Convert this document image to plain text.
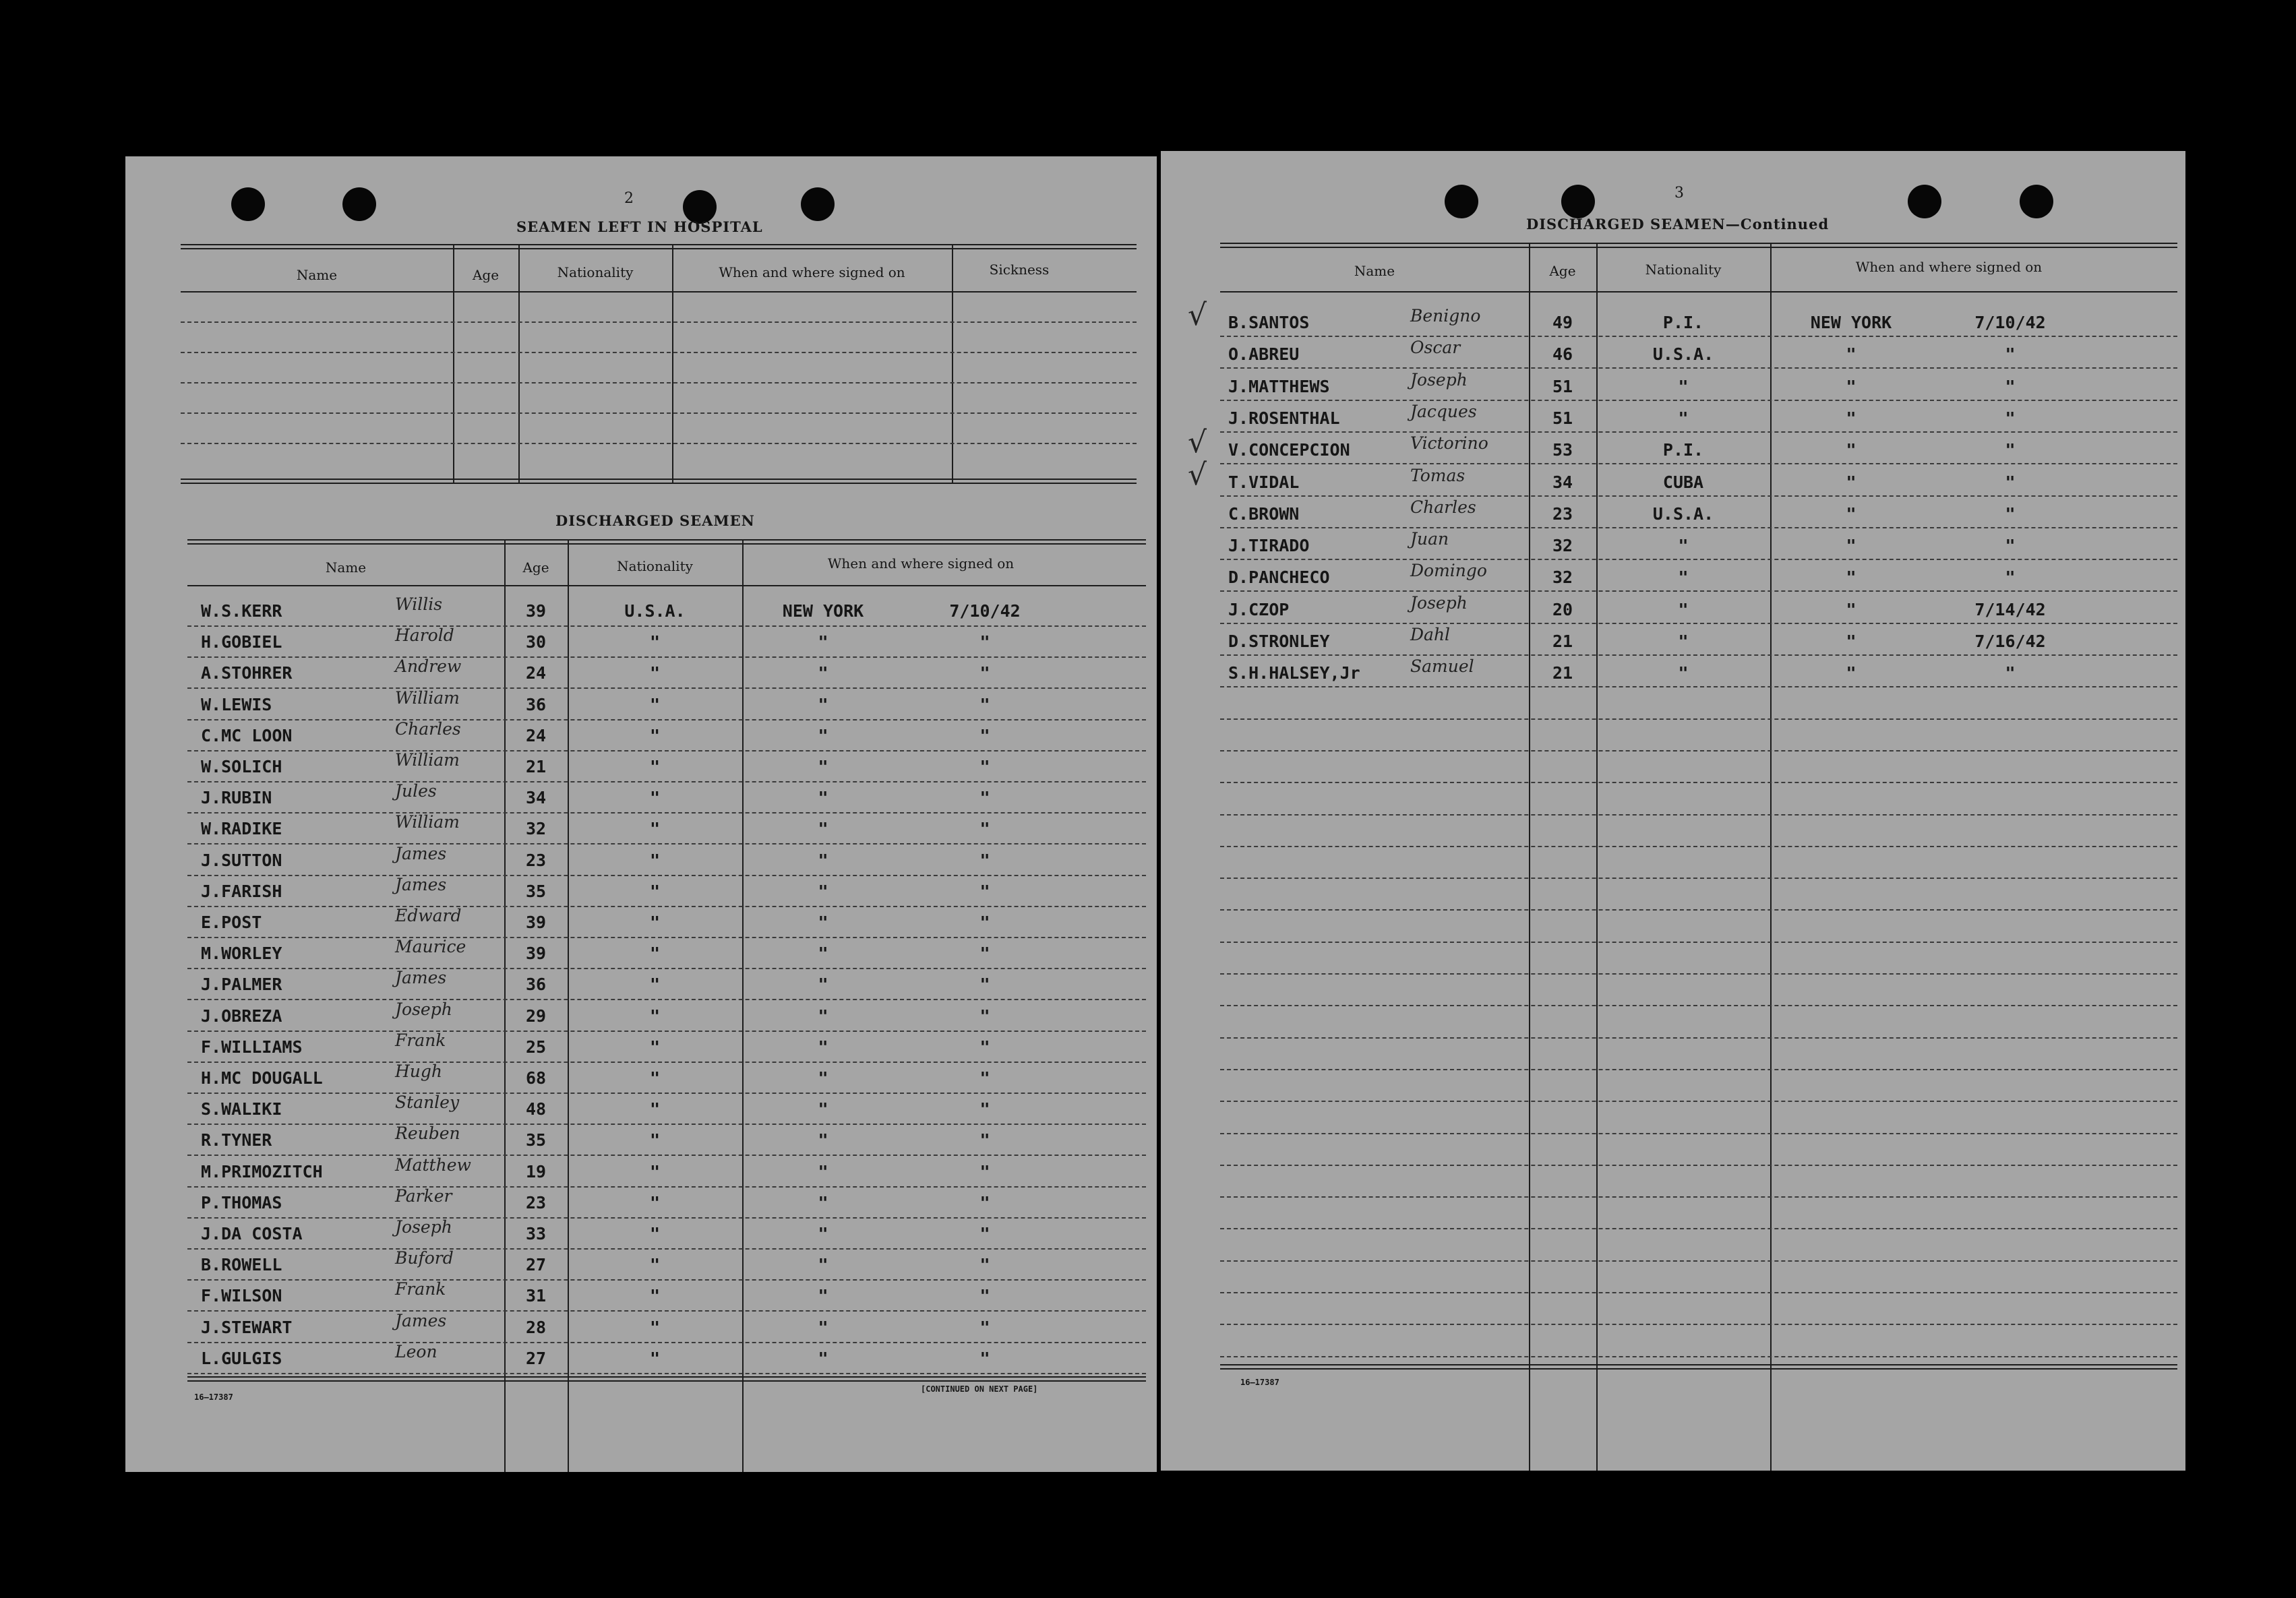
2
SEAMEN LEFT IN HOSPITAL
Name	Age	Nationality	When and where signed on	Sickness
DISCHARGED SEAMEN
Name	Age	Nationality	When and where signed on
W.S.KERR	Willis	39	U.S.A.	NEW YORK	7/10/42
H.GOBIEL	Harold	30	"	"	"
A.STOHRER	Andrew	24	"	"	"
W.LEWIS	William	36	"	"	"
C.MC LOON	Charles	24	"	"	"
W.SOLICH	William	21	"	"	"
J.RUBIN	Jules	34	"	"	"
W.RADIKE	William	32	"	"	"
J.SUTTON	James	23	"	"	"
J.FARISH	James	35	"	"	"
E.POST	Edward	39	"	"	"
M.WORLEY	Maurice	39	"	"	"
J.PALMER	James	36	"	"	"
J.OBREZA	Joseph	29	"	"	"
F.WILLIAMS	Frank	25	"	"	"
H.MC DOUGALL	Hugh	68	"	"	"
S.WALIKI	Stanley	48	"	"	"
R.TYNER	Reuben	35	"	"	"
M.PRIMOZITCH	Matthew	19	"	"	"
P.THOMAS	Parker	23	"	"	"
J.DA COSTA	Joseph	33	"	"	"
B.ROWELL	Buford	27	"	"	"
F.WILSON	Frank	31	"	"	"
J.STEWART	James	28	"	"	"
L.GULGIS	Leon	27	"	"	"
16—17387
[CONTINUED ON NEXT PAGE]
3
DISCHARGED SEAMEN—Continued
Name	Age	Nationality	When and where signed on
√ B.SANTOS	Benigno	49	P.I.	NEW YORK	7/10/42
O.ABREU	Oscar	46	U.S.A.	"	"
J.MATTHEWS	Joseph	51	"	"	"
J.ROSENTHAL	Jacques	51	"	"	"
√ V.CONCEPCION	Victorino	53	P.I.	"	"
√ T.VIDAL	Tomas	34	CUBA	"	"
C.BROWN	Charles	23	U.S.A.	"	"
J.TIRADO	Juan	32	"	"	"
D.PANCHECO	Domingo	32	"	"	"
J.CZOP	Joseph	20	"	"	7/14/42
D.STRONLEY	Dahl	21	"	"	7/16/42
S.H.HALSEY,Jr	Samuel	21	"	"	"
16—17387
